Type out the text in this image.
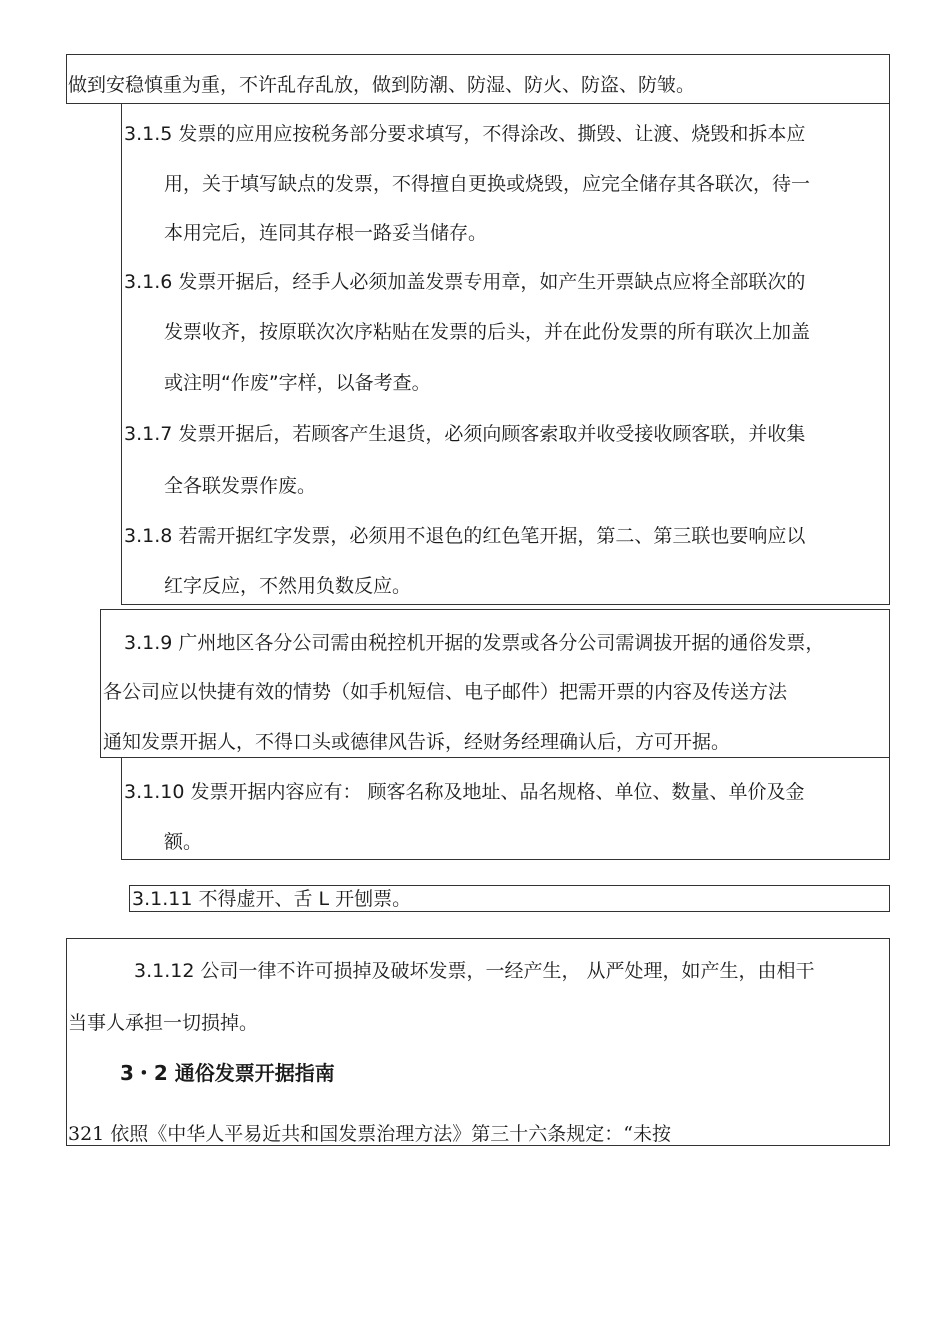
做到安稳慎重为重，不许乱存乱放，做到防潮、防湿、防火、防盗、防皱。
3.1.5 发票的应用应按税务部分要求填写，不得涂改、撕毁、让渡、烧毁和拆本应
用，关于填写缺点的发票，不得擅自更换或烧毁，应完全储存其各联次，待一
本用完后，连同其存根一路妥当储存。
3.1.6 发票开据后，经手人必须加盖发票专用章，如产生开票缺点应将全部联次的
发票收齐，按原联次次序粘贴在发票的后头，并在此份发票的所有联次上加盖
或注明“作废”字样，以备考查。
3.1.7 发票开据后，若顾客产生退货，必须向顾客索取并收受接收顾客联，并收集
全各联发票作废。
3.1.8 若需开据红字发票，必须用不退色的红色笔开据，第二、第三联也要响应以
红字反应，不然用负数反应。
3.1.9 广州地区各分公司需由税控机开据的发票或各分公司需调拔开据的通俗发票，
各公司应以快捷有效的情势（如手机短信、电子邮件）把需开票的内容及传送方法
通知发票开据人，不得口头或德律风告诉，经财务经理确认后，方可开据。
3.1.10 发票开据内容应有： 顾客名称及地址、品名规格、单位、数量、单价及金
额。
3.1.11 不得虚开、舌 L 开刨票。
3.1.12 公司一律不许可损掉及破坏发票，一经产生， 从严处理，如产生，由相干
当事人承担一切损掉。
3・2 通俗发票开据指南
321 依照《中华人平易近共和国发票治理方法》第三十六条规定：“未按
